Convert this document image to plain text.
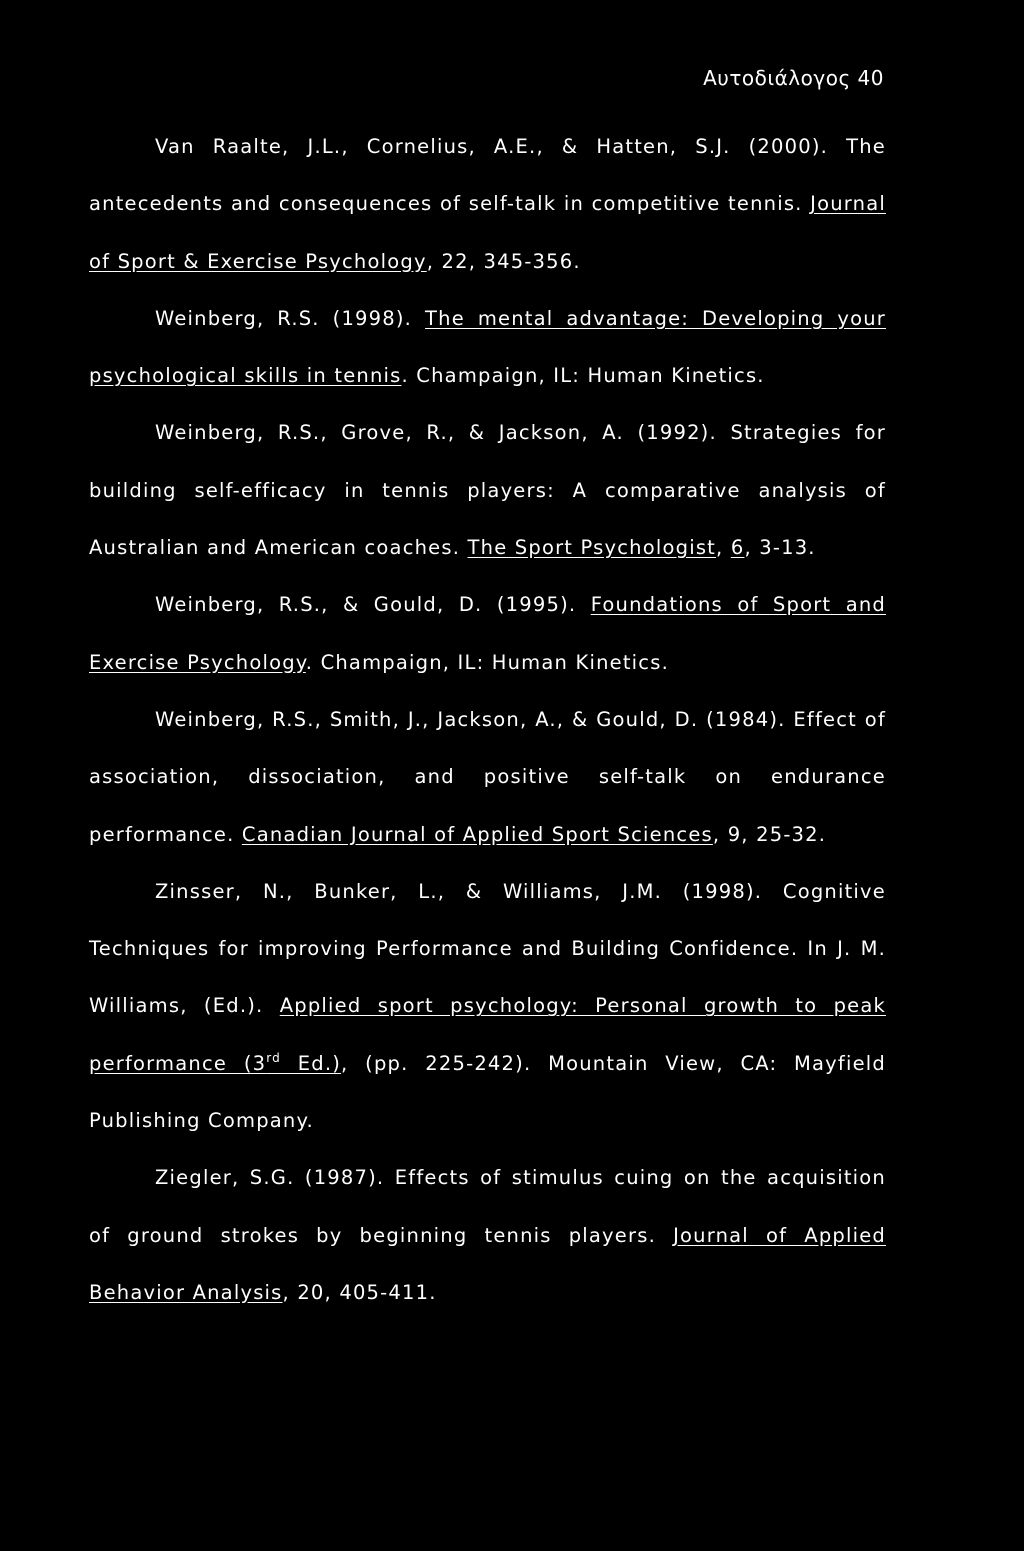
Αυτοδιάλογος 40

Van Raalte, J.L., Cornelius, A.E., & Hatten, S.J. (2000). The antecedents and consequences of self-talk in competitive tennis. Journal of Sport & Exercise Psychology, 22, 345-356.

Weinberg, R.S. (1998). The mental advantage: Developing your psychological skills in tennis. Champaign, IL: Human Kinetics.

Weinberg, R.S., Grove, R., & Jackson, A. (1992). Strategies for building self-efficacy in tennis players: A comparative analysis of Australian and American coaches. The Sport Psychologist, 6, 3-13.

Weinberg, R.S., & Gould, D. (1995). Foundations of Sport and Exercise Psychology. Champaign, IL: Human Kinetics.

Weinberg, R.S., Smith, J., Jackson, A., & Gould, D. (1984). Effect of association, dissociation, and positive self-talk on endurance performance. Canadian Journal of Applied Sport Sciences, 9, 25-32.

Zinsser, N., Bunker, L., & Williams, J.M. (1998). Cognitive Techniques for improving Performance and Building Confidence. In J. M. Williams, (Ed.). Applied sport psychology: Personal growth to peak performance (3rd Ed.), (pp. 225-242). Mountain View, CA: Mayfield Publishing Company.

Ziegler, S.G. (1987). Effects of stimulus cuing on the acquisition of ground strokes by beginning tennis players. Journal of Applied Behavior Analysis, 20, 405-411.
